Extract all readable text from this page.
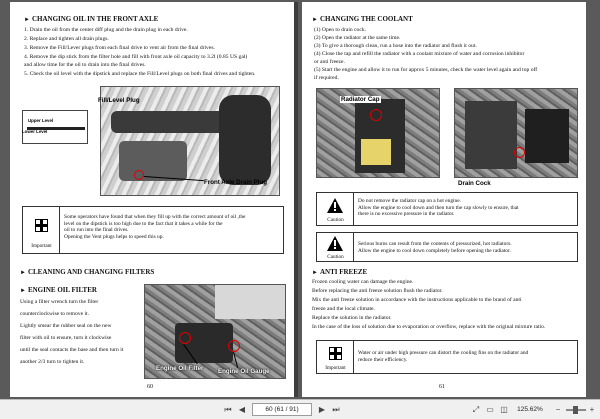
► CHANGING OIL IN THE FRONT AXLE
1. Drain the oil from the center diff plug and the drain plug in each drive.
2. Replace and tighten all drain plugs.
3. Remove the Fill/Lever plugs from each final drive to vent air from the final drives.
4. Remove the dip stick from the filter hole and fill with front axle oil capacity to 3.2l (0.85 US gal)
and allow time for the oil to drain into the final drives.
5. Check the oil level with the dipstick and replace the Fill/Level plugs on both final drives and tighten.
Fill/Level Plug
Front Axle Drain Plug
Upper Level
Lower Level
Important
Some operators have found that when they fill up with the correct amount of oil ,the
level on the dipstick is too high due to the fact that it takes a while for the
oil to run into the final drives.
Opening the Vent plugs helps to speed this up.
► CLEANING AND CHANGING FILTERS
► ENGINE OIL FILTER
Using a filter wrench turn the filter
counterclockwise to remove it.
Lightly smear the rubber seal on the new
filter with oil to ensure, turn it clockwise
until the seal contacts the base and then turn it
another 2/3 turn to tighten it.
Engine Oil Filter Engine Oil Gauge
60
► CHANGING THE COOLANT
(1) Open to drain cock.
(2) Open the radiator at the same time.
(3) To give a thorough clean, run a hose into the radiator and flush it out.
(4) Close the tap and refill the radiator with a coolant mixture of water and corrosion inhibitor
or anti freeze.
(5) Start the engine and allow it to run for approx 5 minutes, check the water level again and top off
if required.
Radiator Cap
Drain Cock
Caution
Do not remove the radiator cap on a hot engine.
Allow the engine to cool down and then turn the cap slowly to ensure, that
there is no excessive pressure in the radiator.
Caution
Serious burns can result from the contents of pressurized, hot radiators.
Allow the engine to cool down completely before opening the radiator.
► ANTI FREEZE
Frozen cooling water can damage the engine.
Before replacing the anti freeze solution flush the radiator.
Mix the anti freeze solution in accordance with the instructions applicable to the brand of anti
freeze and the local climate.
Replace the solution in the radiator.
In the case of the loss of solution due to evaporation or overflow, replace with the original mixture ratio.
Important
Water or air under high pressure can distort the cooling fins on the radiator and
reduce their efficiency.
61
⏮ ◀	60 (61 / 91)	▶ ⏭	⤢ ▭ ◫	125.62%	−	+
